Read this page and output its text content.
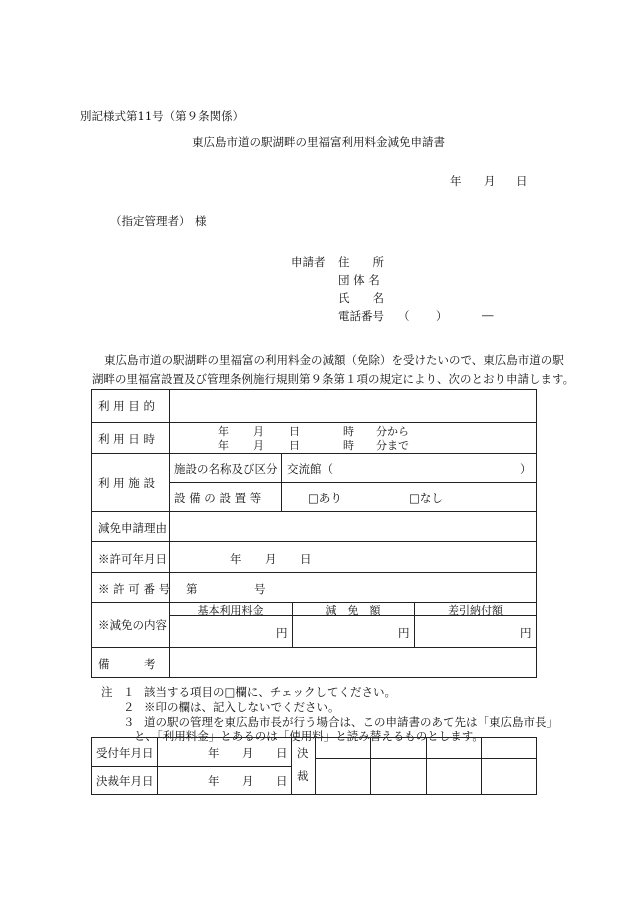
別記様式第11号（第９条関係）
東広島市道の駅湖畔の里福富利用料金減免申請書
年 月 日
（指定管理者） 様
申請者 住　　所
団 体 名
氏　　名
電話番号 （ ）	―
東広島市道の駅湖畔の里福富の利用料金の減額（免除）を受けたいので、東広島市道の駅
湖畔の里福富設置及び管理条例施行規則第９条第１項の規定により、次のとおり申請します。
利 用 目 的
利 用 日 時
年 月 日	時 分から
年 月 日	時 分まで
利 用 施 設
施設の名称及び区分 交流館（	）
設 備 の 設 置 等	□あり	□なし
減免申請理由
※許可年月日	年 月 日
※ 許 可 番 号 第	号
※減免の内容
基本利用料金	減　免　額	差引納付額
円	円	円
備　　　考
注 １ 該当する項目の□欄に、チェックしてください。
２ ※印の欄は、記入しないでください。
３ 道の駅の管理を東広島市長が行う場合は、この申請書のあて先は「東広島市長」
と、「利用料金」とあるのは「使用料」と読み替えるものとします。
受付年月日	年 月 日
決裁年月日	年 月 日
決
裁
